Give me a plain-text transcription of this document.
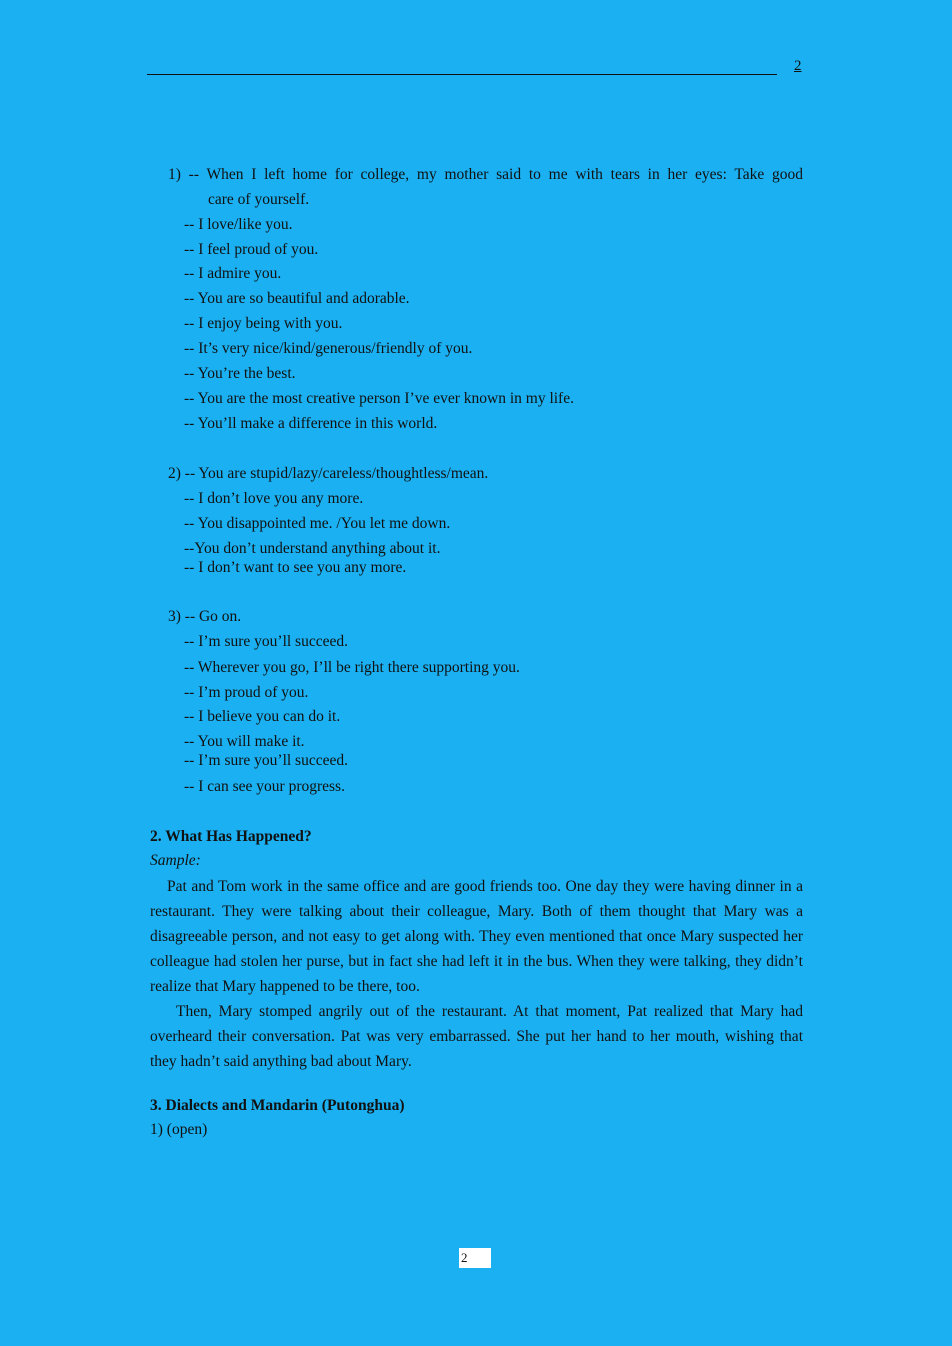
2
1) -- When I left home for college, my mother said to me with tears in her eyes: Take good
care of yourself.
-- I love/like you.
-- I feel proud of you.
-- I admire you.
-- You are so beautiful and adorable.
-- I enjoy being with you.
-- It’s very nice/kind/generous/friendly of you.
-- You’re the best.
-- You are the most creative person I’ve ever known in my life.
-- You’ll make a difference in this world.
2) -- You are stupid/lazy/careless/thoughtless/mean.
-- I don’t love you any more.
-- You disappointed me. /You let me down.
--You don’t understand anything about it.
-- I don’t want to see you any more.
3) -- Go on.
-- I’m sure you’ll succeed.
-- Wherever you go, I’ll be right there supporting you.
-- I’m proud of you.
-- I believe you can do it.
-- You will make it.
-- I’m sure you’ll succeed.
-- I can see your progress.
2. What Has Happened?
Sample:
Pat and Tom work in the same office and are good friends too. One day they were having dinner in a restaurant. They were talking about their colleague, Mary. Both of them thought that Mary was a disagreeable person, and not easy to get along with. They even mentioned that once Mary suspected her colleague had stolen her purse, but in fact she had left it in the bus. When they were talking, they didn’t realize that Mary happened to be there, too.
Then, Mary stomped angrily out of the restaurant. At that moment, Pat realized that Mary had overheard their conversation. Pat was very embarrassed. She put her hand to her mouth, wishing that they hadn’t said anything bad about Mary.
3. Dialects and Mandarin (Putonghua)
1) (open)
2
